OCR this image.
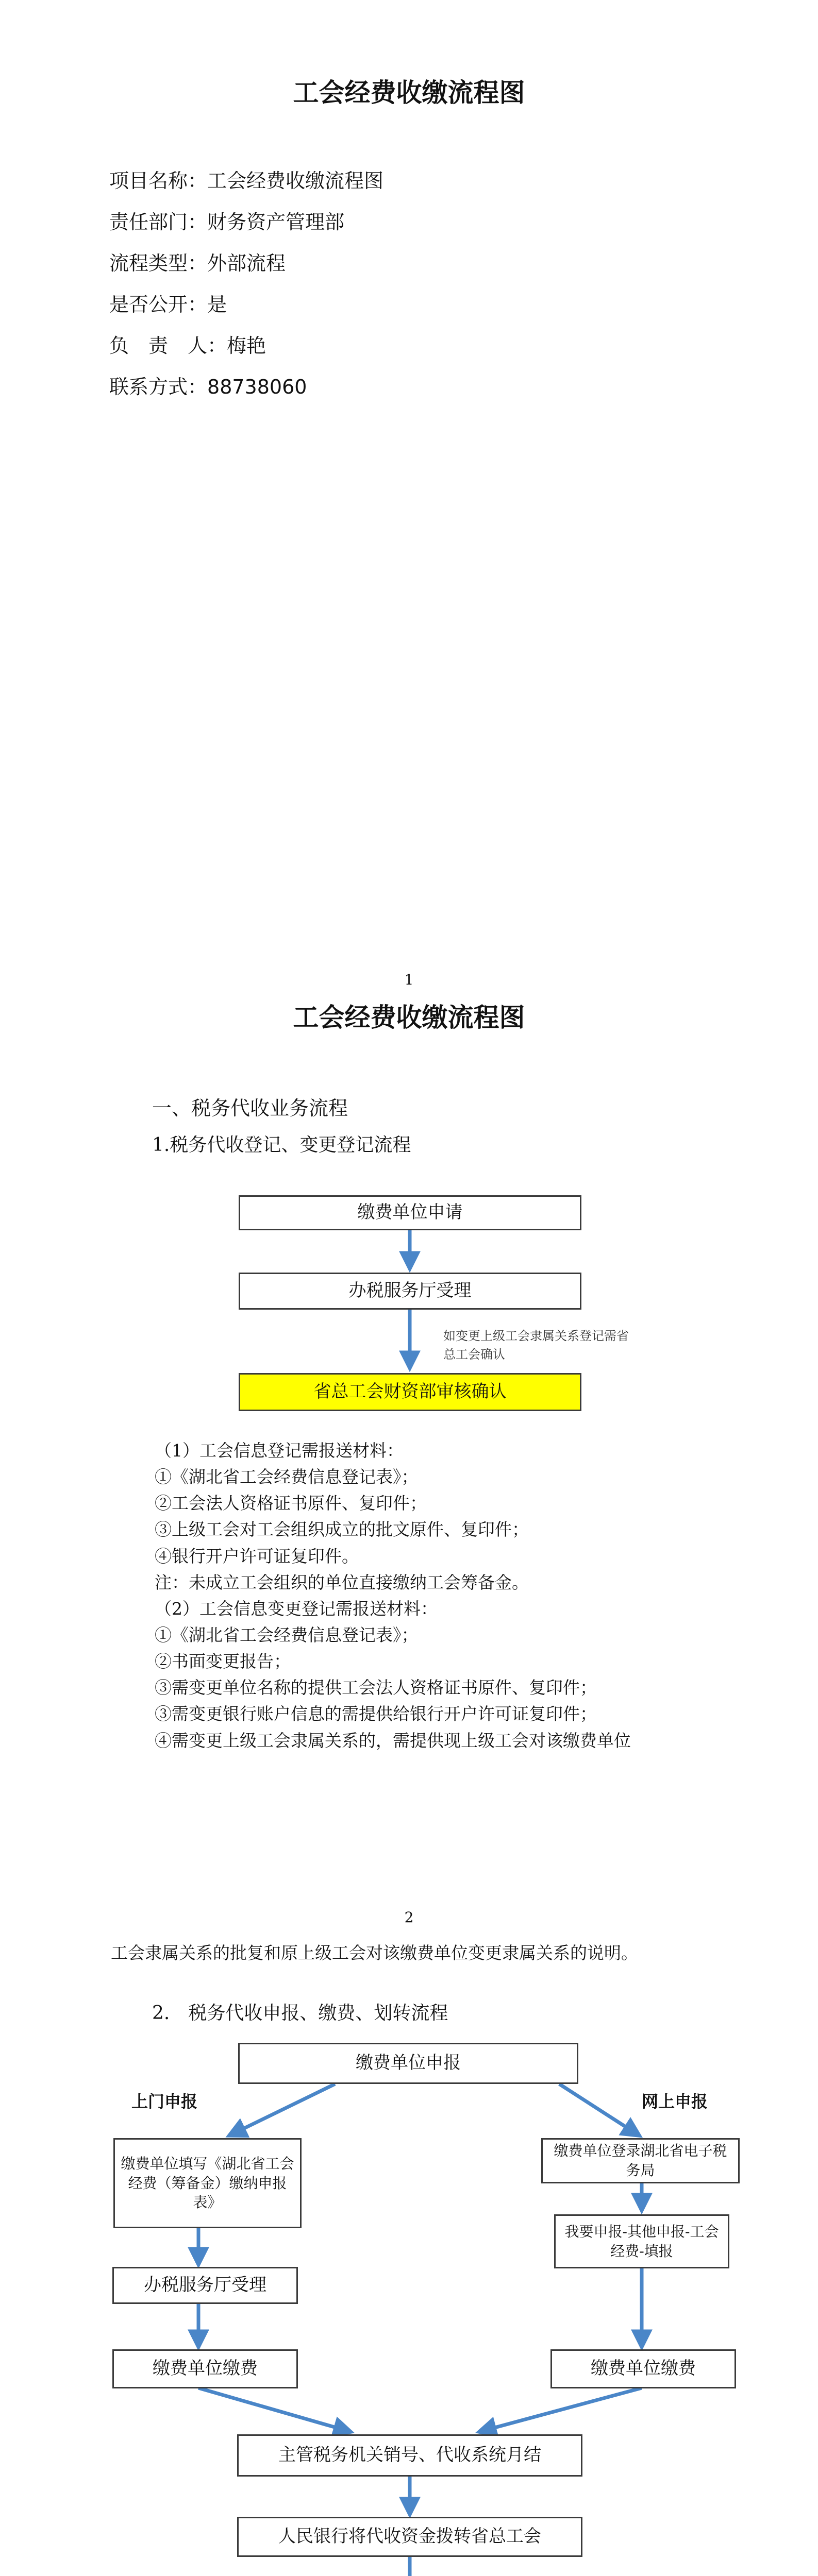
工会经费收缴流程图
项目名称：工会经费收缴流程图
责任部门：财务资产管理部
流程类型：外部流程
是否公开：是
负　责　人：梅艳
联系方式：88738060
1
工会经费收缴流程图
一、税务代收业务流程
1.税务代收登记、变更登记流程
缴费单位申请
办税服务厅受理
如变更上级工会隶属关系登记需省总工会确认
省总工会财资部审核确认
（1）工会信息登记需报送材料：
①《湖北省工会经费信息登记表》；
②工会法人资格证书原件、复印件；
③上级工会对工会组织成立的批文原件、复印件；
④银行开户许可证复印件。
注：未成立工会组织的单位直接缴纳工会筹备金。
（2）工会信息变更登记需报送材料：
①《湖北省工会经费信息登记表》；
②书面变更报告；
③需变更单位名称的提供工会法人资格证书原件、复印件；
③需变更银行账户信息的需提供给银行开户许可证复印件；
④需变更上级工会隶属关系的，需提供现上级工会对该缴费单位
2
工会隶属关系的批复和原上级工会对该缴费单位变更隶属关系的说明。
2.　税务代收申报、缴费、划转流程
缴费单位申报
上门申报	网上申报
缴费单位填写《湖北省工会经费（筹备金）缴纳申报表》
办税服务厅受理
缴费单位缴费
缴费单位登录湖北省电子税务局
我要申报-其他申报-工会经费-填报
缴费单位缴费
主管税务机关销号、代收系统月结
人民银行将代收资金拨转省总工会
